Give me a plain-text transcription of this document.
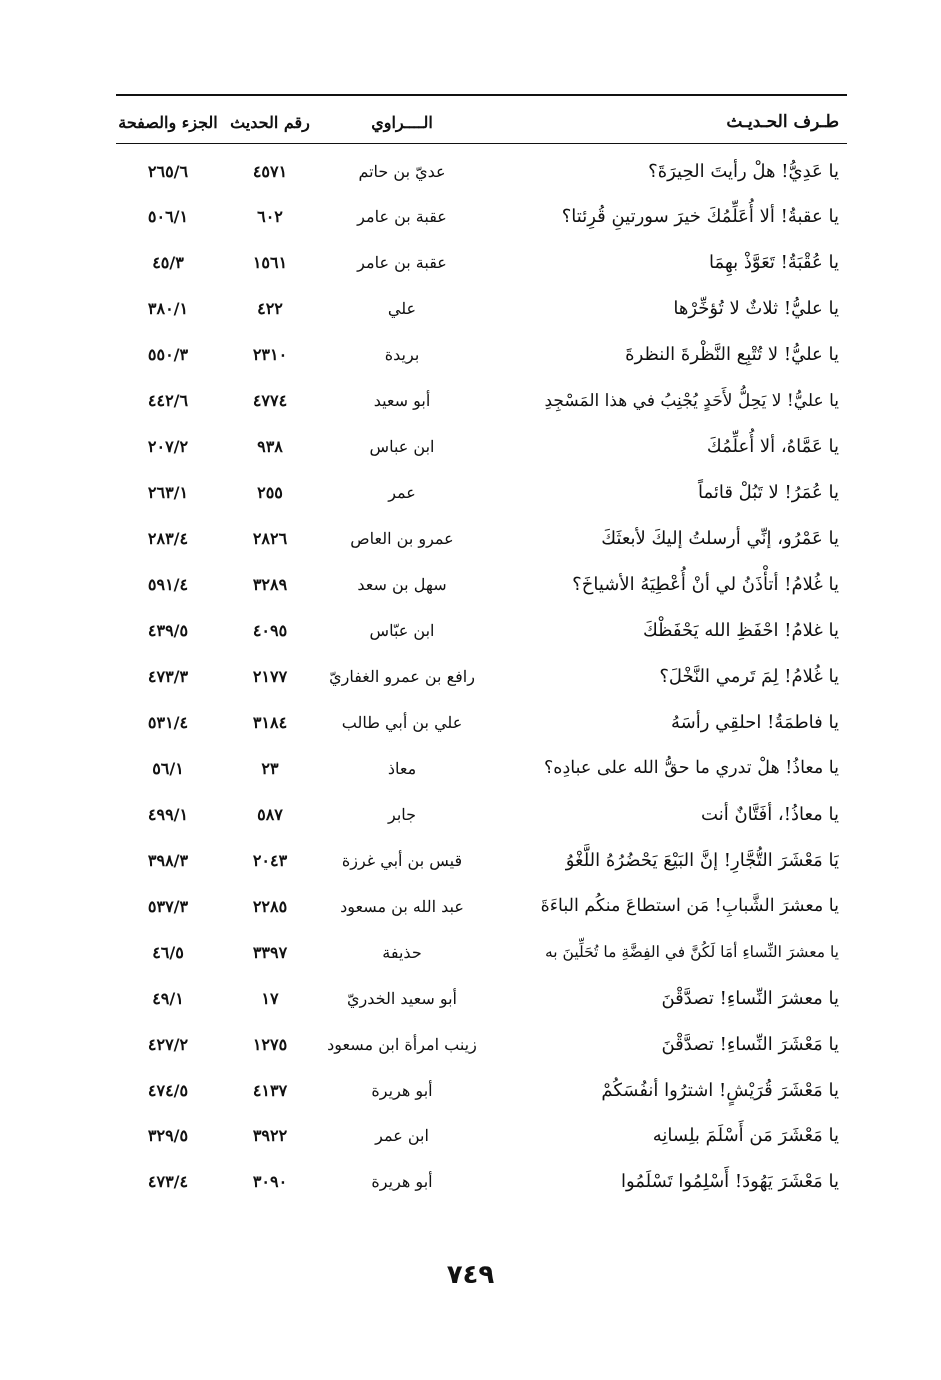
طـرف الحـديـث
الــــراوي
رقم الحديث
الجزء والصفحة
يا عَدِيُّ! هلْ رأيتَ الحِيرَةَ؟
عديّ بن حاتم
٤٥٧١
٢٦٥/٦
يا عقبةُ! ألا أُعَلِّمُكَ خيرَ سورتينِ قُرِئتا؟
عقبة بن عامر
٦٠٢
٥٠٦/١
يا عُقْبَةُ! تَعَوَّذْ بهِمَا
عقبة بن عامر
١٥٦١
٤٥/٣
يا عليُّ! ثلاثٌ لا تُؤخِّرْها
علي
٤٢٢
٣٨٠/١
يا عليُّ! لا تُتْبِع النَّظْرةَ النظرةَ
بريدة
٢٣١٠
٥٥٠/٣
يا عليُّ! لا يَحِلُّ لأَحَدٍ يُجْنِبُ في هذا المَسْجِدِ
أبو سعيد
٤٧٧٤
٤٤٢/٦
يا عَمَّاهُ، ألا أُعلِّمُكَ
ابن عباس
٩٣٨
٢٠٧/٢
يا عُمَرُ! لا تَبُلْ قائماً
عمر
٢٥٥
٢٦٣/١
يا عَمْرُو، إنِّي أرسلتُ إليكَ لأبعثَكَ
عمرو بن العاص
٢٨٢٦
٢٨٣/٤
يا غُلامُ! أتأْذَنُ لي أنْ أُعْطِيَهُ الأشياخَ؟
سهل بن سعد
٣٢٨٩
٥٩١/٤
يا غلامُ! احْفَظِ الله يَحْفَظْكَ
ابن عبّاس
٤٠٩٥
٤٣٩/٥
يا غُلامُ! لِمَ تَرمي النَّخْلَ؟
رافع بن عمرو الغفاريّ
٢١٧٧
٤٧٣/٣
يا فاطمَةُ! احلقِي رأسَهُ
علي بن أبي طالب
٣١٨٤
٥٣١/٤
يا معاذُ! هلْ تدري ما حقُّ الله على عبادِه؟
معاذ
٢٣
٥٦/١
يا معاذُ!، أفَتَّانٌ أنت
جابر
٥٨٧
٤٩٩/١
يَا مَعْشَرَ التُّجَّارِ! إنَّ البَيْعَ يَحْضُرُهُ اللَّغْوُ
قيس بن أبي غرزة
٢٠٤٣
٣٩٨/٣
يا معشرَ الشَّبابِ! مَن استطاعَ منكُم الباءَةَ
عبد الله بن مسعود
٢٢٨٥
٥٣٧/٣
يا معشرَ النِّساءِ أمَا لَكُنَّ في الفِضَّةِ ما تُحَلِّينَ به
حذيفة
٣٣٩٧
٤٦/٥
يا معشرَ النِّساءِ! تصدَّقْنَ
أبو سعيد الخدريّ
١٧
٤٩/١
يا مَعْشَرَ النِّساءِ! تصدَّقْنَ
زينب امرأة ابن مسعود
١٢٧٥
٤٢٧/٢
يا مَعْشَرَ قُرَيْشٍ! اشترُوا أنفُسَكُمْ
أبو هريرة
٤١٣٧
٤٧٤/٥
يا مَعْشَرَ مَن أَسْلَمَ بلِسانِه
ابن عمر
٣٩٢٢
٣٢٩/٥
يا مَعْشَرَ يَهُودَ! أَسْلِمُوا تَسْلَمُوا
أبو هريرة
٣٠٩٠
٤٧٣/٤
٧٤٩
